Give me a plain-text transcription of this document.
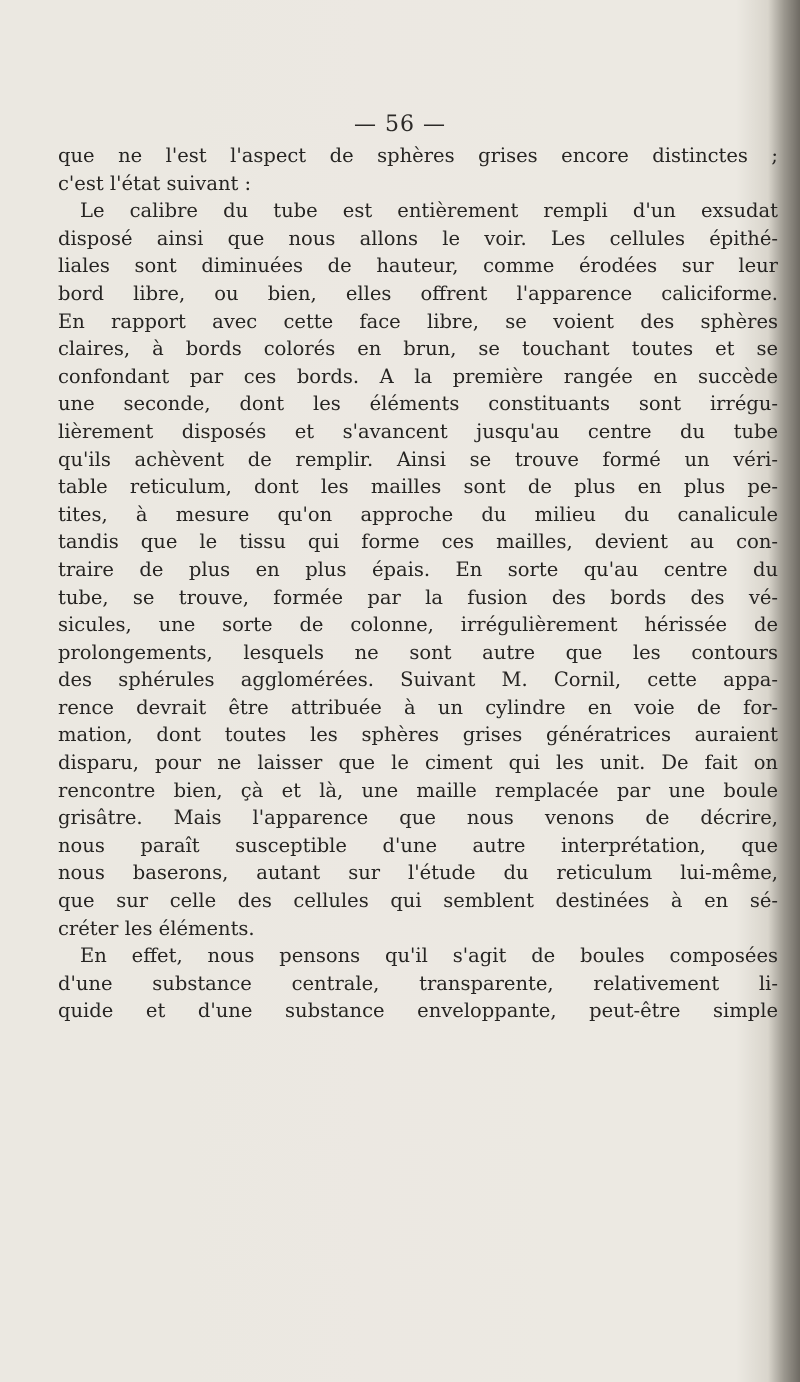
— 56 —
que ne l'est l'aspect de sphères grises encore distinctes ;
c'est l'état suivant :
Le calibre du tube est entièrement rempli d'un exsudat
disposé ainsi que nous allons le voir. Les cellules épithé-
liales sont diminuées de hauteur, comme érodées sur leur
bord libre, ou bien, elles offrent l'apparence caliciforme.
En rapport avec cette face libre, se voient des sphères
claires, à bords colorés en brun, se touchant toutes et se
confondant par ces bords. A la première rangée en succède
une seconde, dont les éléments constituants sont irrégu-
lièrement disposés et s'avancent jusqu'au centre du tube
qu'ils achèvent de remplir. Ainsi se trouve formé un véri-
table reticulum, dont les mailles sont de plus en plus pe-
tites, à mesure qu'on approche du milieu du canalicule
tandis que le tissu qui forme ces mailles, devient au con-
traire de plus en plus épais. En sorte qu'au centre du
tube, se trouve, formée par la fusion des bords des vé-
sicules, une sorte de colonne, irrégulièrement hérissée de
prolongements, lesquels ne sont autre que les contours
des sphérules agglomérées. Suivant M. Cornil, cette appa-
rence devrait être attribuée à un cylindre en voie de for-
mation, dont toutes les sphères grises génératrices auraient
disparu, pour ne laisser que le ciment qui les unit. De fait on
rencontre bien, çà et là, une maille remplacée par une boule
grisâtre. Mais l'apparence que nous venons de décrire,
nous paraît susceptible d'une autre interprétation, que
nous baserons, autant sur l'étude du reticulum lui-même,
que sur celle des cellules qui semblent destinées à en sé-
créter les éléments.
En effet, nous pensons qu'il s'agit de boules composées
d'une substance centrale, transparente, relativement li-
quide et d'une substance enveloppante, peut-être simple
